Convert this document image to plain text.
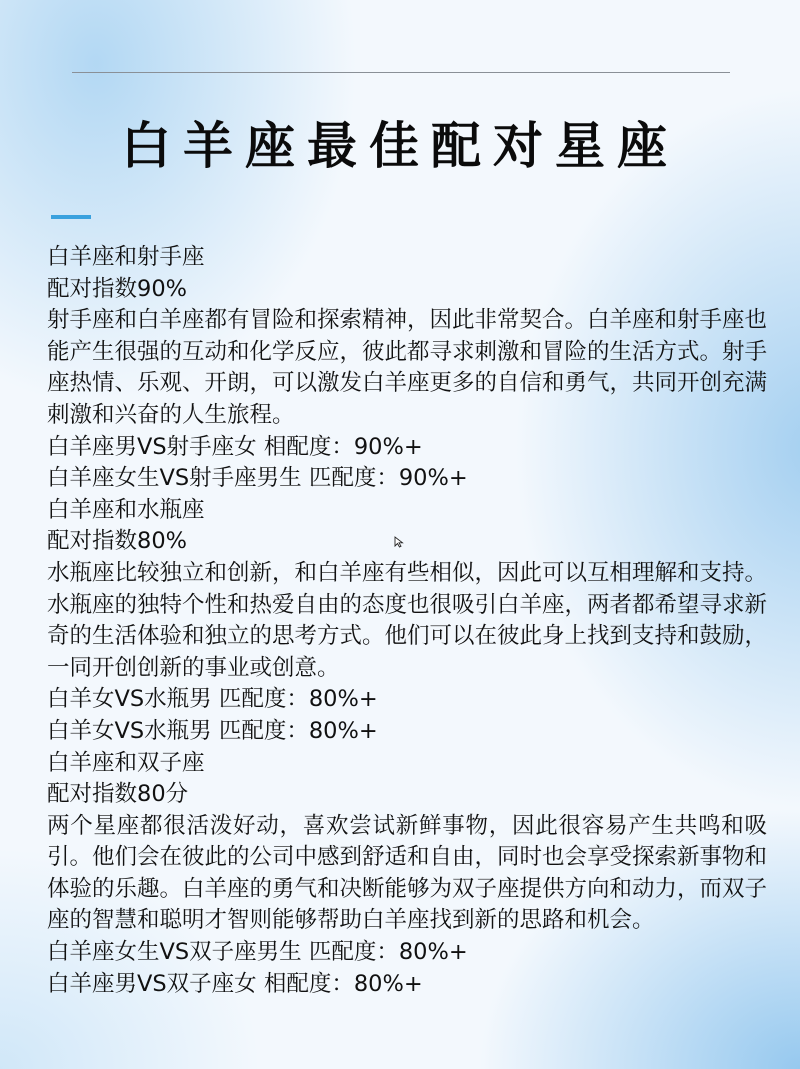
白羊座最佳配对星座
白羊座和射手座
配对指数90%
射手座和白羊座都有冒险和探索精神，因此非常契合。白羊座和射手座也能产生很强的互动和化学反应，彼此都寻求刺激和冒险的生活方式。射手座热情、乐观、开朗，可以激发白羊座更多的自信和勇气，共同开创充满刺激和兴奋的人生旅程。
白羊座男VS射手座女 相配度：90%+
白羊座女生VS射手座男生 匹配度：90%+
白羊座和水瓶座
配对指数80%
水瓶座比较独立和创新，和白羊座有些相似，因此可以互相理解和支持。水瓶座的独特个性和热爱自由的态度也很吸引白羊座，两者都希望寻求新奇的生活体验和独立的思考方式。他们可以在彼此身上找到支持和鼓励，一同开创创新的事业或创意。
白羊女VS水瓶男 匹配度：80%+
白羊女VS水瓶男 匹配度：80%+
白羊座和双子座
配对指数80分
两个星座都很活泼好动，喜欢尝试新鲜事物，因此很容易产生共鸣和吸引。他们会在彼此的公司中感到舒适和自由，同时也会享受探索新事物和体验的乐趣。白羊座的勇气和决断能够为双子座提供方向和动力，而双子座的智慧和聪明才智则能够帮助白羊座找到新的思路和机会。
白羊座女生VS双子座男生 匹配度：80%+
白羊座男VS双子座女 相配度：80%+
